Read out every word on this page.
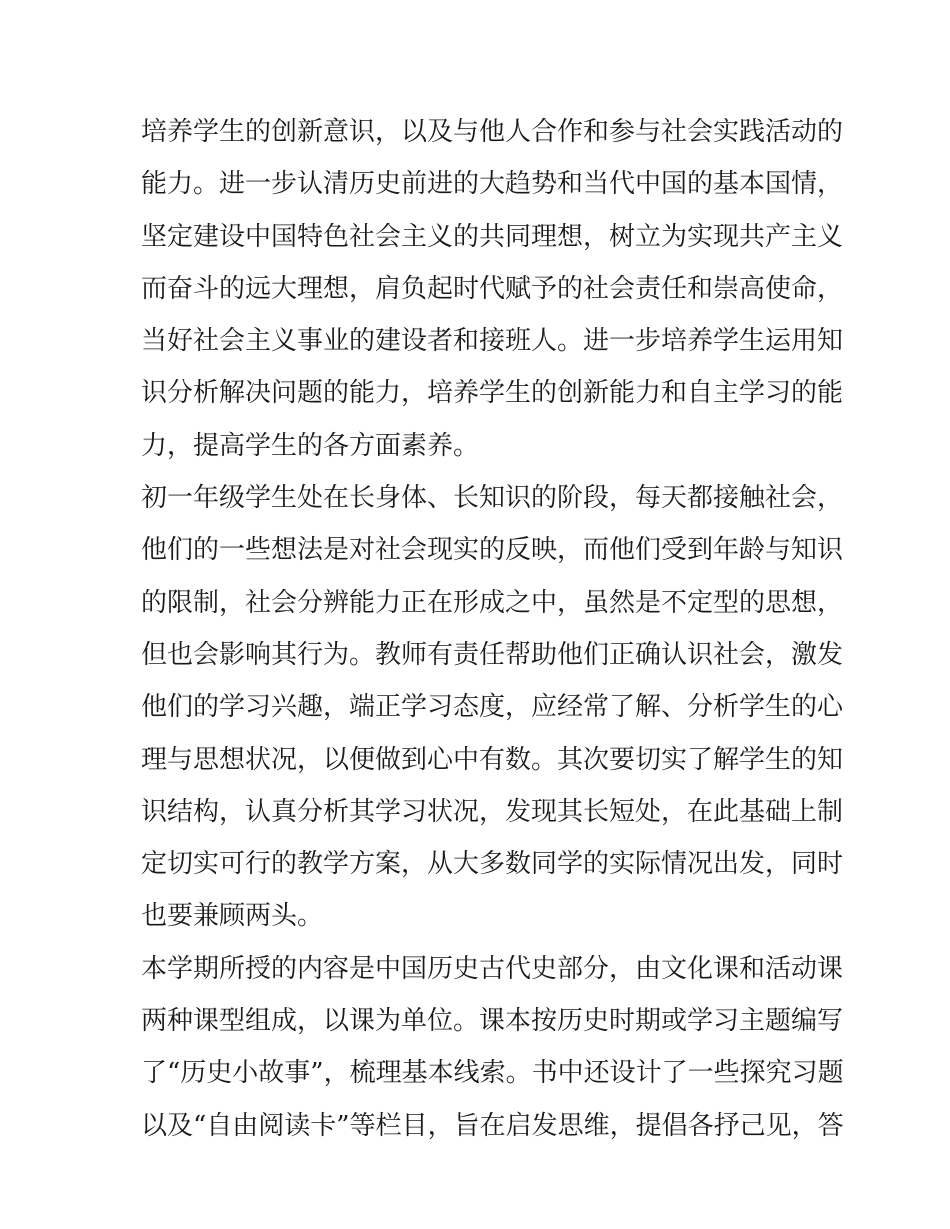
培养学生的创新意识，以及与他人合作和参与社会实践活动的
能力。进一步认清历史前进的大趋势和当代中国的基本国情，
坚定建设中国特色社会主义的共同理想，树立为实现共产主义
而奋斗的远大理想，肩负起时代赋予的社会责任和崇高使命，
当好社会主义事业的建设者和接班人。进一步培养学生运用知
识分析解决问题的能力，培养学生的创新能力和自主学习的能
力，提高学生的各方面素养。
初一年级学生处在长身体、长知识的阶段，每天都接触社会，
他们的一些想法是对社会现实的反映，而他们受到年龄与知识
的限制，社会分辨能力正在形成之中，虽然是不定型的思想，
但也会影响其行为。教师有责任帮助他们正确认识社会，激发
他们的学习兴趣，端正学习态度，应经常了解、分析学生的心
理与思想状况，以便做到心中有数。其次要切实了解学生的知
识结构，认真分析其学习状况，发现其长短处，在此基础上制
定切实可行的教学方案，从大多数同学的实际情况出发，同时
也要兼顾两头。
本学期所授的内容是中国历史古代史部分，由文化课和活动课
两种课型组成，以课为单位。课本按历史时期或学习主题编写
了“历史小故事”，梳理基本线索。书中还设计了一些探究习题
以及“自由阅读卡”等栏目，旨在启发思维，提倡各抒己见，答
